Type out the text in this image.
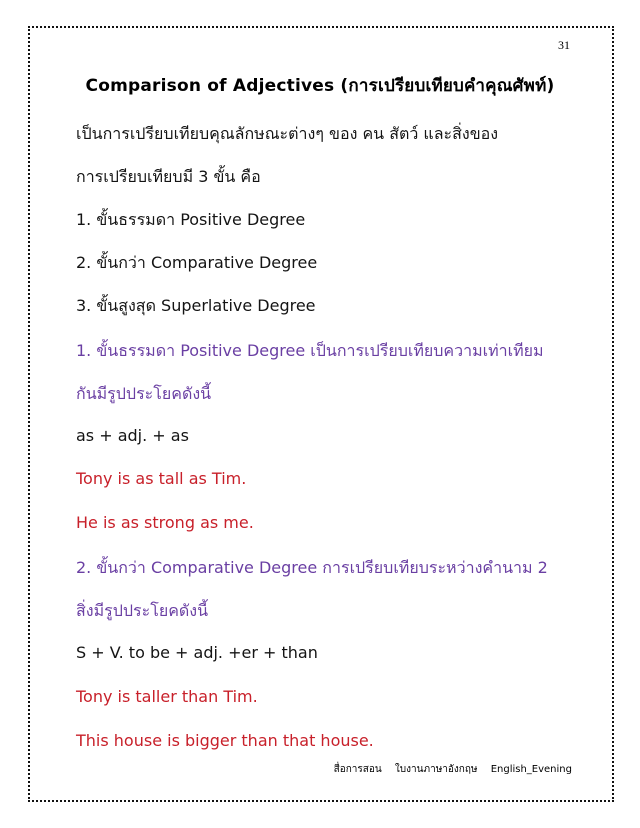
31
Comparison of Adjectives (การเปรียบเทียบคำคุณศัพท์)
เป็นการเปรียบเทียบคุณลักษณะต่างๆ ของ คน สัตว์ และสิ่งของ
การเปรียบเทียบมี 3 ขั้น คือ
1. ขั้นธรรมดา Positive Degree
2. ขั้นกว่า Comparative Degree
3. ขั้นสูงสุด Superlative Degree
1. ขั้นธรรมดา Positive Degree เป็นการเปรียบเทียบความเท่าเทียม
กันมีรูปประโยคดังนี้
as + adj. + as
Tony is as tall as Tim.
He is as strong as me.
2. ขั้นกว่า Comparative Degree การเปรียบเทียบระหว่างคำนาม 2
สิ่งมีรูปประโยคดังนี้
S + V. to be + adj. +er + than
Tony is taller than Tim.
This house is bigger than that house.
สื่อการสอน ใบงานภาษาอังกฤษ English_Evening
